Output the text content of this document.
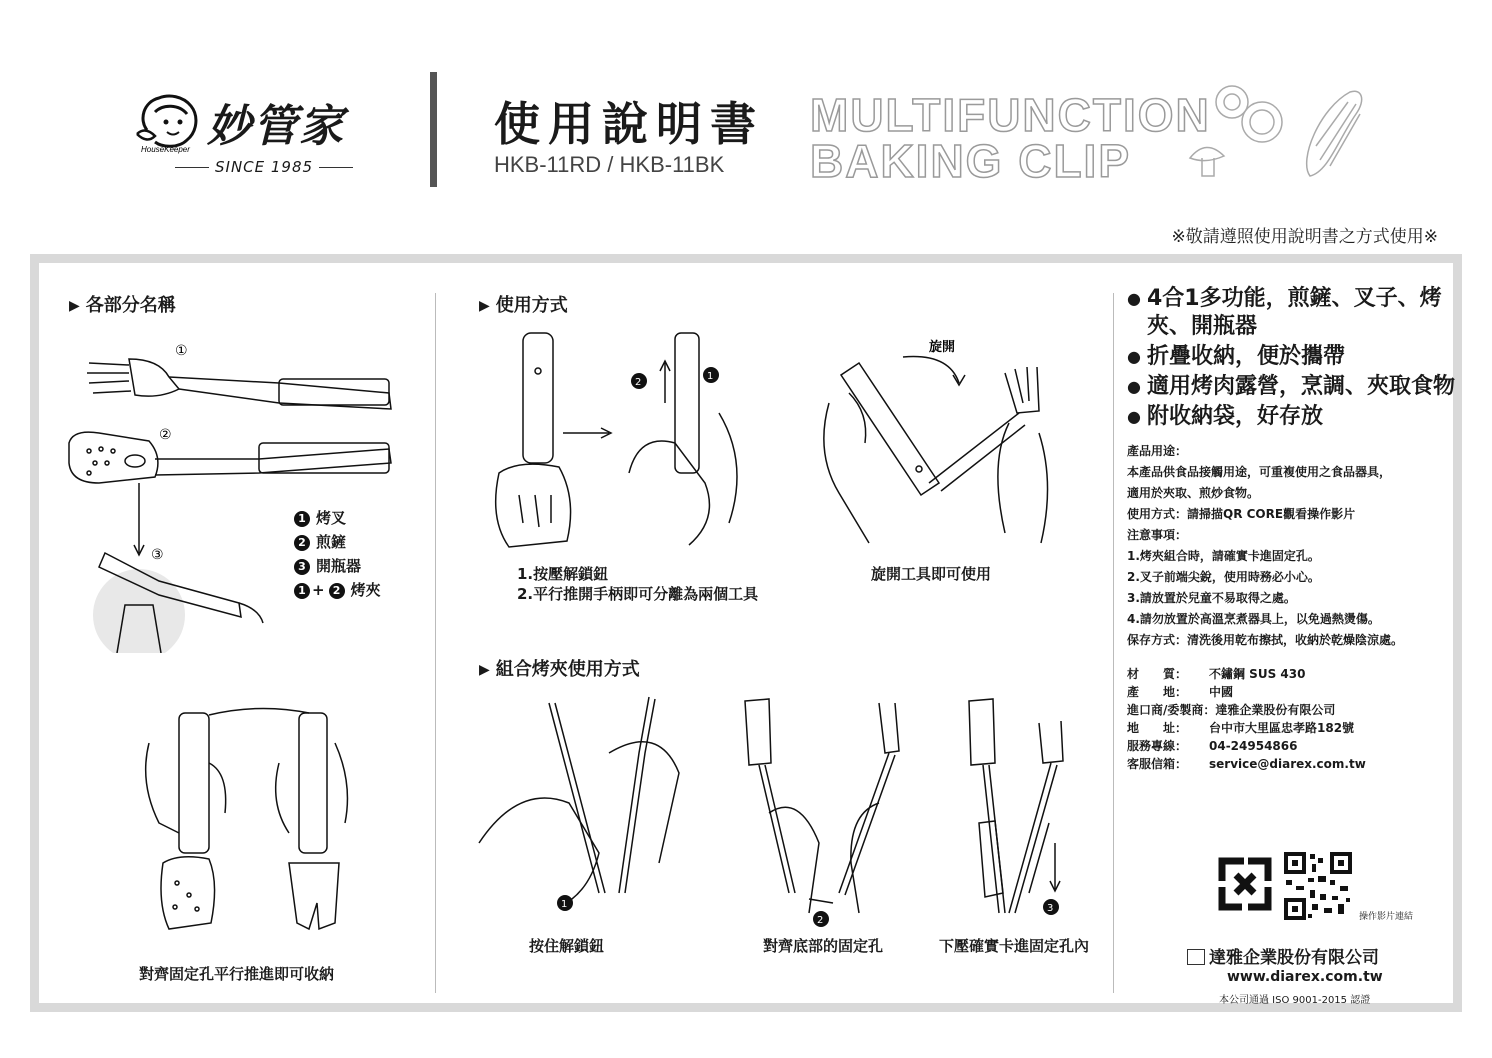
HouseKeeper 妙管家
SINCE 1985
使用說明書
HKB-11RD / HKB-11BK
MULTIFUNCTION
BAKING CLIP
※敬請遵照使用說明書之方式使用※
▶ 各部分名稱
①
②
③
1 烤叉
2 煎鏟
3 開瓶器
1 + 2 烤夾
對齊固定孔平行推進即可收納
▶ 使用方式
2
1
1.按壓解鎖鈕
2.平行推開手柄即可分離為兩個工具
旋開
旋開工具即可使用
▶ 組合烤夾使用方式
1
按住解鎖鈕
2
對齊底部的固定孔
3
下壓確實卡進固定孔內
● 4合1多功能，煎鏟、叉子、烤夾、開瓶器
● 折疊收納，便於攜帶
● 適用烤肉露營，烹調、夾取食物
● 附收納袋，好存放
產品用途：
本產品供食品接觸用途，可重複使用之食品器具，
適用於夾取、煎炒食物。
使用方式：請掃描QR CORE觀看操作影片
注意事項：
1.烤夾組合時，請確實卡進固定孔。
2.叉子前端尖銳，使用時務必小心。
3.請放置於兒童不易取得之處。
4.請勿放置於高溫烹煮器具上，以免過熱燙傷。
保存方式：清洗後用乾布擦拭，收納於乾燥陰涼處。
材　　質： 不鏽鋼 SUS 430
產　　地： 中國
進口商/委製商：達雅企業股份有限公司
地　　址： 台中市大里區忠孝路182號
服務專線： 04-24954866
客服信箱： service@diarex.com.tw
操作影片連結
達雅企業股份有限公司
www.diarex.com.tw
本公司通過 ISO 9001-2015 認證
